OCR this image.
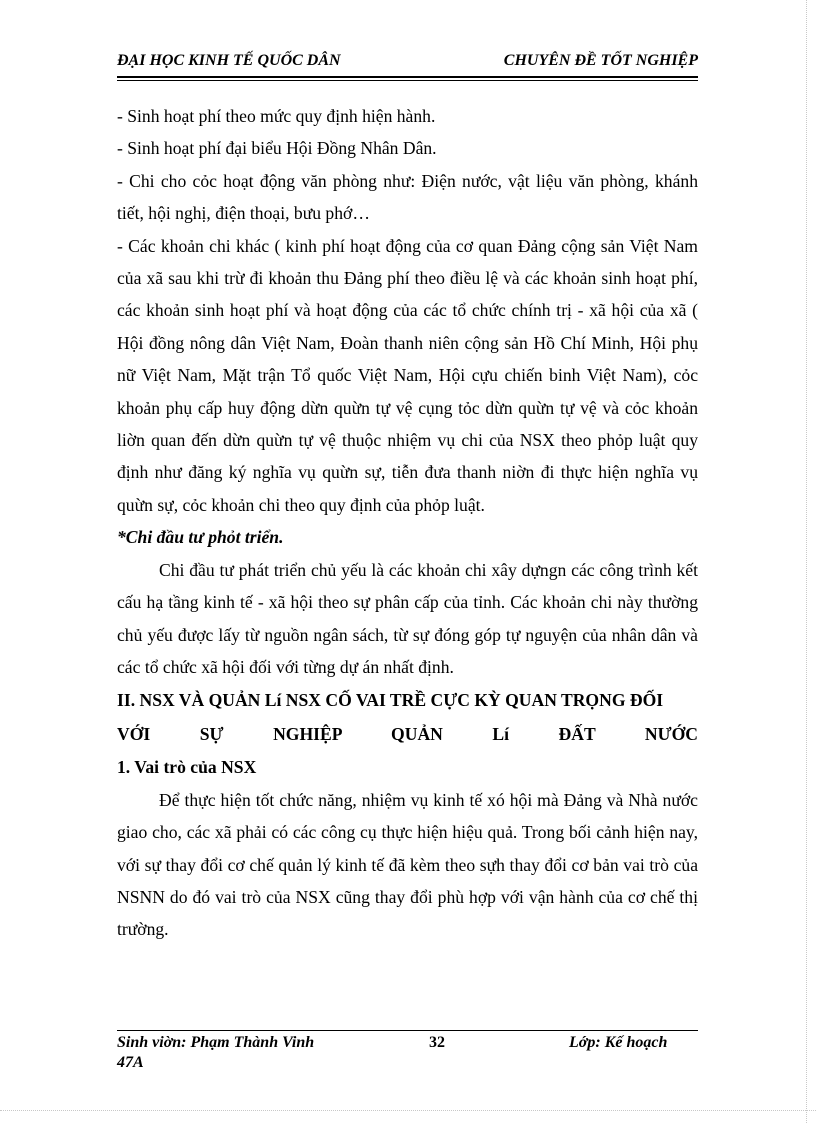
ĐẠI HỌC KINH TẾ QUỐC DÂN	CHUYÊN ĐỀ TỐT NGHIỆP

- Sinh hoạt phí theo mức quy định hiện hành.

- Sinh hoạt phí đại biểu Hội Đồng Nhân Dân.

- Chi cho cỏc hoạt động văn phòng như: Điện nước, vật liệu văn phòng, khánh tiết, hội nghị, điện thoại, bưu phớ…

- Các khoản chi khác ( kinh phí hoạt động của cơ quan Đảng cộng sản Việt Nam của xã sau khi trừ đi khoản thu Đảng phí theo điều lệ và các khoản sinh hoạt phí, các khoản sinh hoạt phí và hoạt động của các tổ chức chính trị - xã hội của xã ( Hội đồng nông dân Việt Nam, Đoàn thanh niên cộng sản Hồ Chí Minh, Hội phụ nữ Việt Nam, Mặt trận Tổ quốc Việt Nam, Hội cựu chiến binh Việt Nam), cỏc khoản phụ cấp huy động dừn quừn tự vệ cụng tỏc dừn quừn tự vệ và cỏc khoản liờn quan đến dừn quừn tự vệ thuộc nhiệm vụ chi của NSX theo phỏp luật quy định như đăng ký nghĩa vụ quừn sự, tiễn đưa thanh niờn đi thực hiện nghĩa vụ quừn sự, cỏc khoản chi theo quy định của phỏp luật.

*Chi đầu tư phỏt triển.

Chi đầu tư phát triển chủ yếu là các khoản chi xây dựngn các công trình kết cấu hạ tầng kinh tế - xã hội theo sự phân cấp của tỉnh. Các khoản chi này thường chủ yếu được lấy từ nguồn ngân sách, từ sự đóng góp tự nguyện của nhân dân và các tổ chức xã hội đối với từng dự án nhất định.

II. NSX VÀ QUẢN Lí NSX CỐ VAI TRỀ CỰC KỲ QUAN TRỌNG ĐỐI

VỚI SỰ NGHIỆP QUẢN Lí ĐẤT NƯỚC

1. Vai trò của NSX

Để thực hiện tốt chức năng, nhiệm vụ kinh tế xó hội mà Đảng và Nhà nước giao cho, các xã phải có các công cụ thực hiện hiệu quả. Trong bối cảnh hiện nay, với sự thay đổi cơ chế quản lý kinh tế đã kèm theo sựh thay đổi cơ bản vai trò của NSNN do đó vai trò của NSX cũng thay đổi phù hợp với vận hành của cơ chế thị trường.

Sinh viờn: Phạm Thành Vinh 47A
32	Lớp: Kế hoạch
